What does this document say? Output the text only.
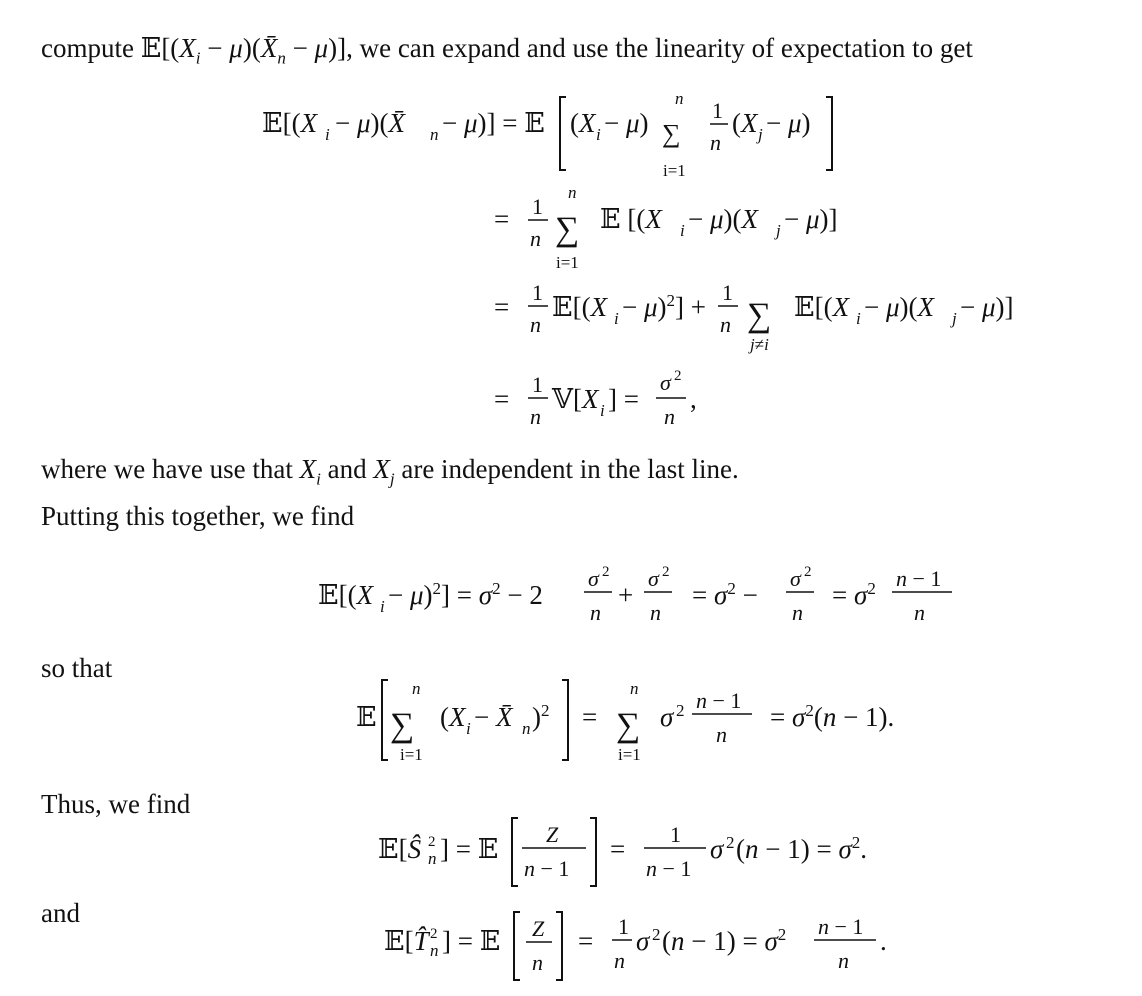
compute $𝔼[(X_i$ − $\mu)(X̄_n - \mu)$], we can expand and use the linearity of expectation to get

where we have use that $X_i$ and $X_j$ are independent in the last line.

Putting this together, we find

so that

Thus, we find

and

𝔼[(X i − μ)(X̄ n − μ)] = 𝔼 (X i − μ) ∑
n
i=1
1
n
(X j − μ)
= 1
n ∑
n
i=1
𝔼 [(X i − μ)(X j − μ)]
= 1
n
𝔼[(X i − μ)$^2$] + 1
n ∑
j≠i
𝔼[(X i − μ)(X j − μ)]
= 1
n
𝕍[X i ] =
σ 2
n
,
𝔼[(X $i - \mu)^2] = \sigma^2 - 2$
σ 2
n
+
σ 2
n
= $\sigma^2$ −
σ 2
n
= $\sigma^2$ n − 1
n
𝔼 ∑
n
i=1
(X i − X̄ n )$^2$ = ∑
n
i=1
σ 2 n − 1
n
= $\sigma^2(n - 1)$.
𝔼[Ŝ 2
n ] = 𝔼 Z
n − 1
= 1
n − 1
σ 2 $(n - 1) = \sigma^2$.
𝔼[T̂ 2
n ] = 𝔼 Z
n
= 1
n
σ 2 $(n - 1) = \sigma^2$ n − 1
n
.
